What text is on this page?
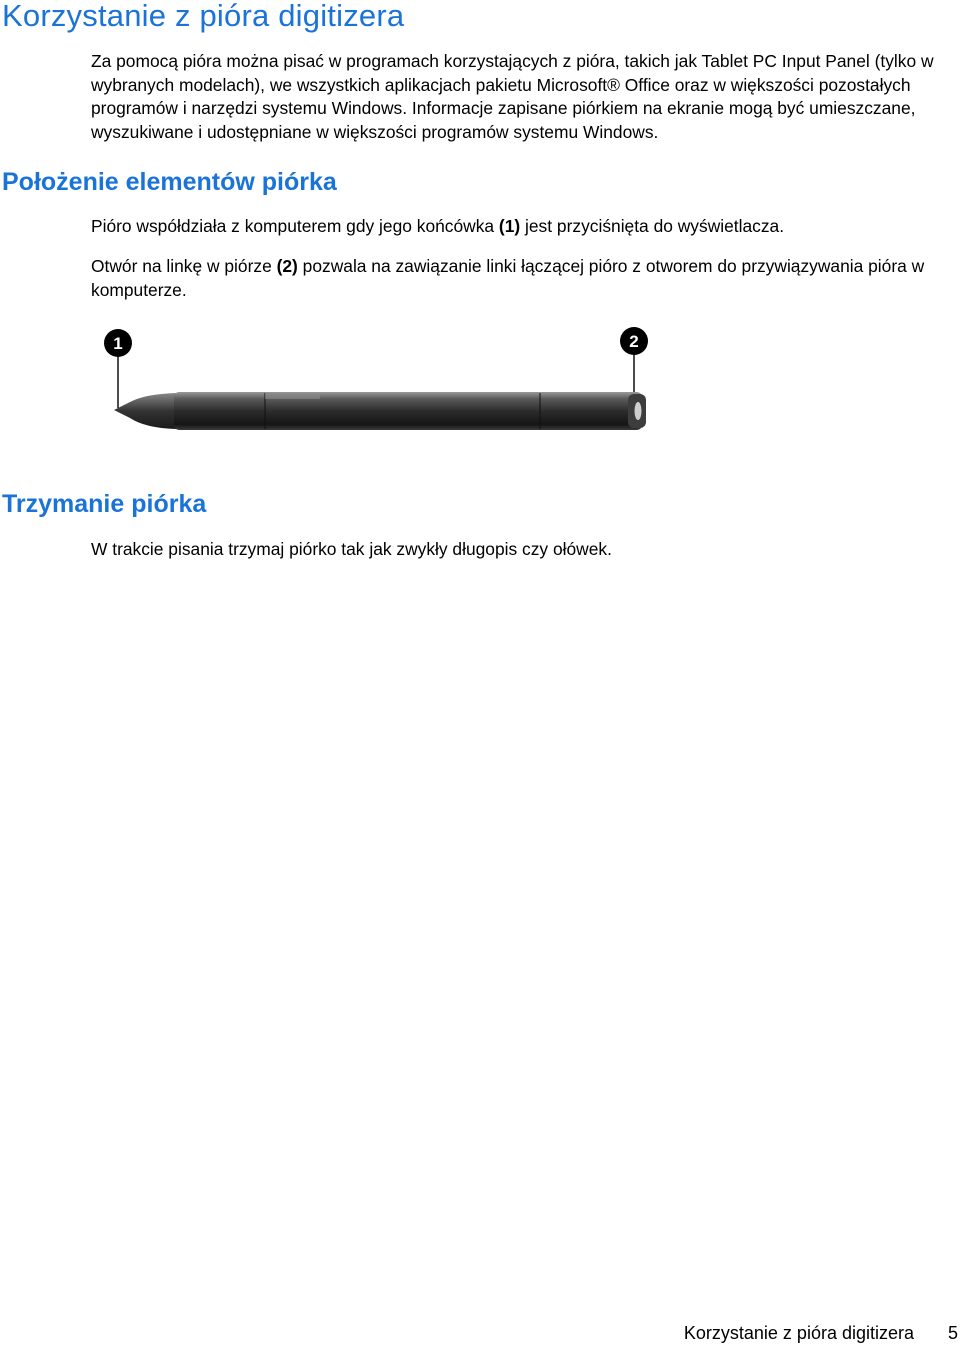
Korzystanie z pióra digitizera

Za pomocą pióra można pisać w programach korzystających z pióra, takich jak Tablet PC Input Panel (tylko w wybranych modelach), we wszystkich aplikacjach pakietu Microsoft® Office oraz w większości pozostałych programów i narzędzi systemu Windows. Informacje zapisane piórkiem na ekranie mogą być umieszczane, wyszukiwane i udostępniane w większości programów systemu Windows.

Położenie elementów piórka

Pióro współdziała z komputerem gdy jego końcówka (1) jest przyciśnięta do wyświetlacza.

Otwór na linkę w piórze (2) pozwala na zawiązanie linki łączącej pióro z otworem do przywiązywania pióra w komputerze.

1	2
Trzymanie piórka

W trakcie pisania trzymaj piórko tak jak zwykły długopis czy ołówek.

Korzystanie z pióra digitizera 5
